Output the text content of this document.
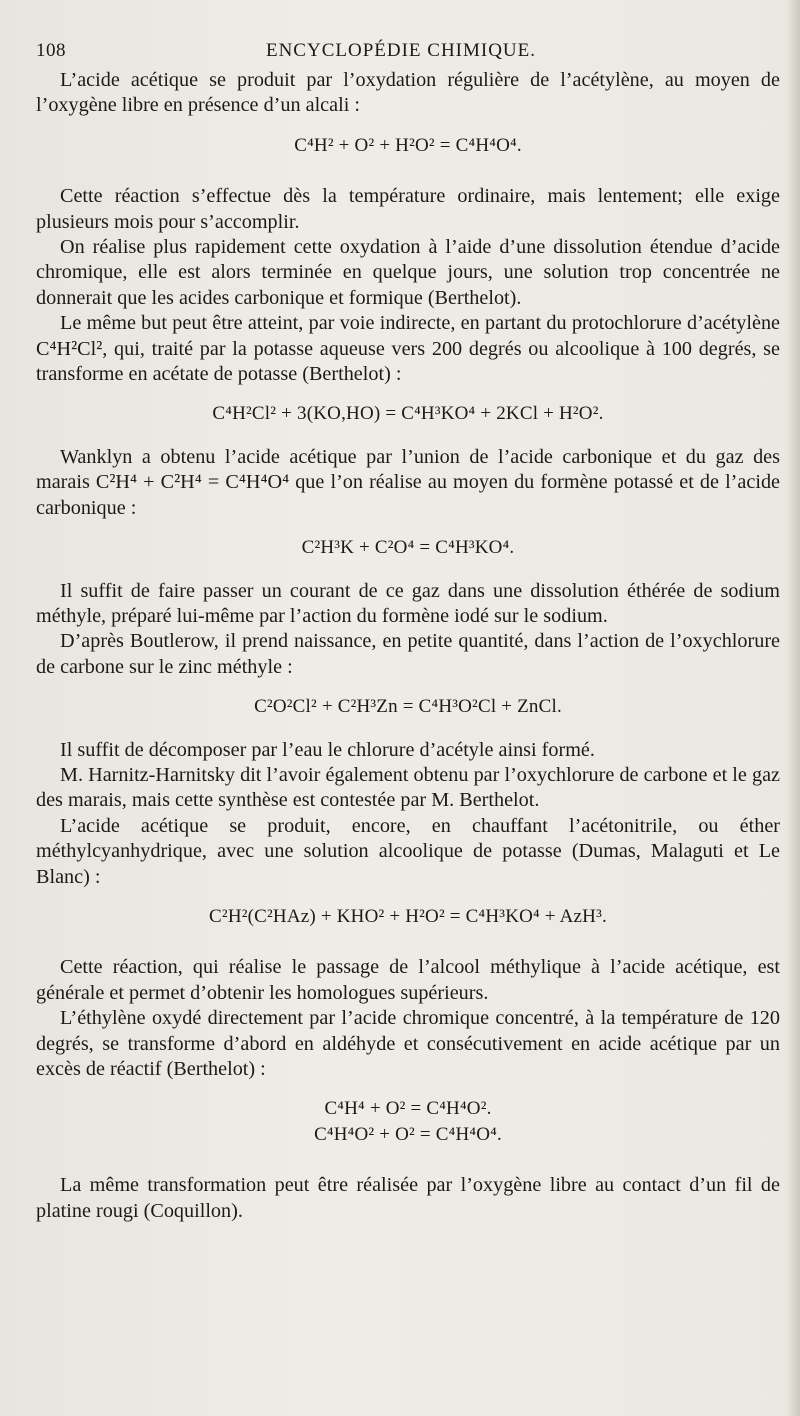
108	ENCYCLOPÉDIE CHIMIQUE.

L’acide acétique se produit par l’oxydation régulière de l’acétylène, au moyen de l’oxygène libre en présence d’un alcali :

C⁴H² + O² + H²O² = C⁴H⁴O⁴.

Cette réaction s’effectue dès la température ordinaire, mais lentement; elle exige plusieurs mois pour s’accomplir.

On réalise plus rapidement cette oxydation à l’aide d’une dissolution étendue d’acide chromique, elle est alors terminée en quelque jours, une solution trop concentrée ne donnerait que les acides carbonique et formique (Berthelot).

Le même but peut être atteint, par voie indirecte, en partant du protochlorure d’acétylène C⁴H²Cl², qui, traité par la potasse aqueuse vers 200 degrés ou alcoolique à 100 degrés, se transforme en acétate de potasse (Berthelot) :

C⁴H²Cl² + 3(KO,HO) = C⁴H³KO⁴ + 2KCl + H²O².

Wanklyn a obtenu l’acide acétique par l’union de l’acide carbonique et du gaz des marais C²H⁴ + C²H⁴ = C⁴H⁴O⁴ que l’on réalise au moyen du formène potassé et de l’acide carbonique :

C²H³K + C²O⁴ = C⁴H³KO⁴.

Il suffit de faire passer un courant de ce gaz dans une dissolution éthérée de sodium méthyle, préparé lui-même par l’action du formène iodé sur le sodium.

D’après Boutlerow, il prend naissance, en petite quantité, dans l’action de l’oxychlorure de carbone sur le zinc méthyle :

C²O²Cl² + C²H³Zn = C⁴H³O²Cl + ZnCl.

Il suffit de décomposer par l’eau le chlorure d’acétyle ainsi formé.

M. Harnitz-Harnitsky dit l’avoir également obtenu par l’oxychlorure de carbone et le gaz des marais, mais cette synthèse est contestée par M. Berthelot.

L’acide acétique se produit, encore, en chauffant l’acétonitrile, ou éther méthylcyanhydrique, avec une solution alcoolique de potasse (Dumas, Malaguti et Le Blanc) :

C²H²(C²HAz) + KHO² + H²O² = C⁴H³KO⁴ + AzH³.

Cette réaction, qui réalise le passage de l’alcool méthylique à l’acide acétique, est générale et permet d’obtenir les homologues supérieurs.

L’éthylène oxydé directement par l’acide chromique concentré, à la température de 120 degrés, se transforme d’abord en aldéhyde et consécutivement en acide acétique par un excès de réactif (Berthelot) :

C⁴H⁴ + O² = C⁴H⁴O².

C⁴H⁴O² + O² = C⁴H⁴O⁴.

La même transformation peut être réalisée par l’oxygène libre au contact d’un fil de platine rougi (Coquillon).
